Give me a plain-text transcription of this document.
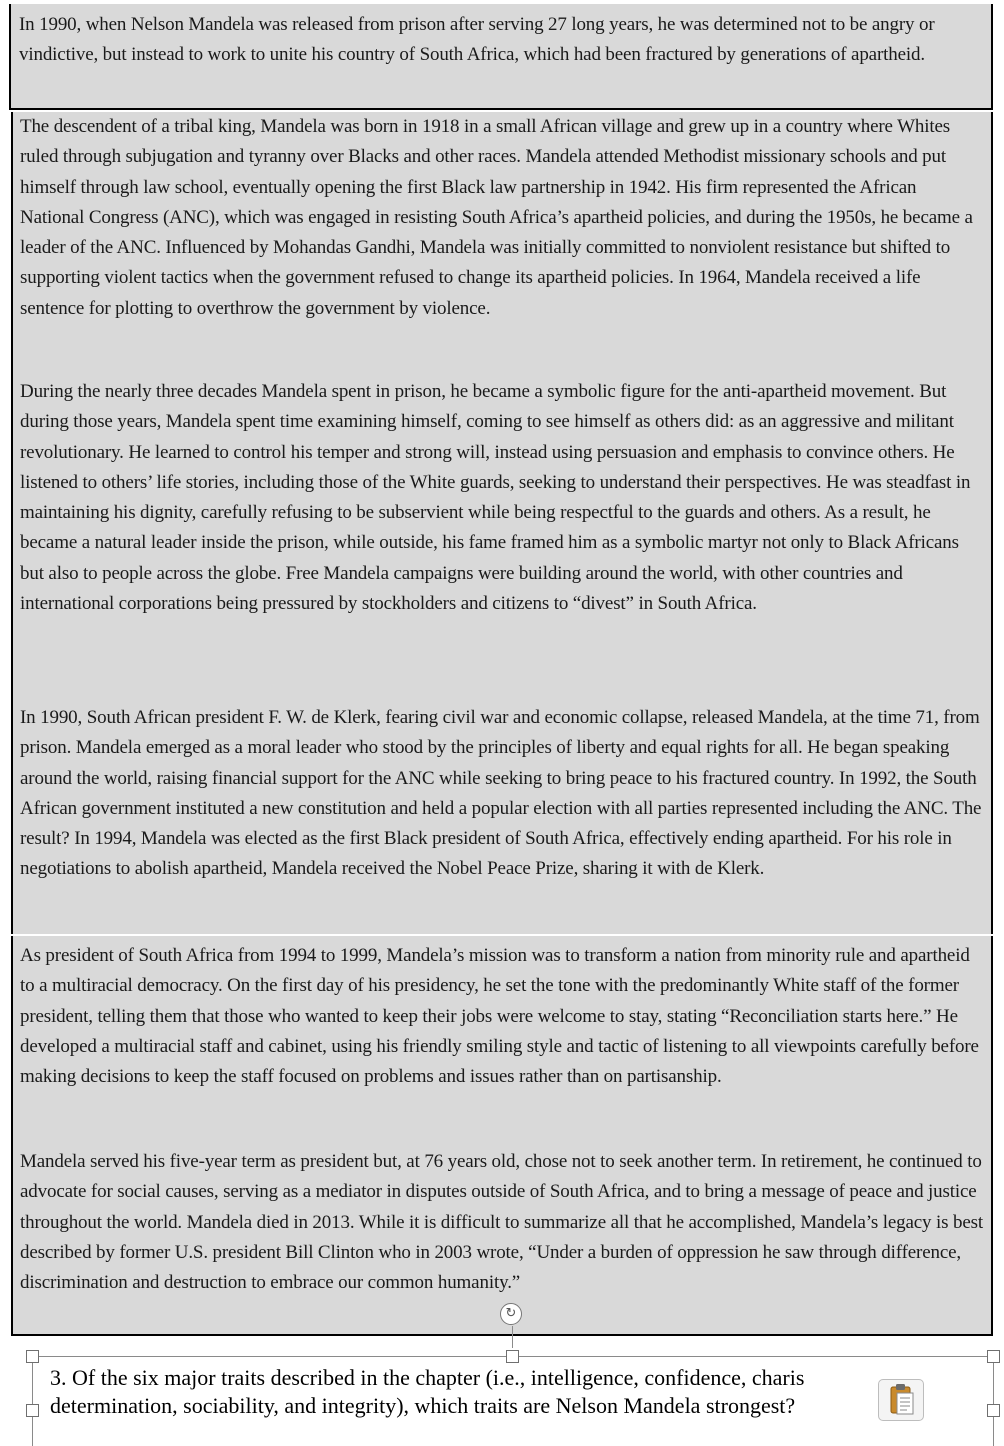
In 1990, when Nelson Mandela was released from prison after serving 27 long years, he was determined not to be angry or vindictive, but instead to work to unite his country of South Africa, which had been fractured by generations of apartheid.

The descendent of a tribal king, Mandela was born in 1918 in a small African village and grew up in a country where Whites ruled through subjugation and tyranny over Blacks and other races. Mandela attended Methodist missionary schools and put himself through law school, eventually opening the first Black law partnership in 1942. His firm represented the African National Congress (ANC), which was engaged in resisting South Africa’s apartheid policies, and during the 1950s, he became a leader of the ANC. Influenced by Mohandas Gandhi, Mandela was initially committed to nonviolent resistance but shifted to supporting violent tactics when the government refused to change its apartheid policies. In 1964, Mandela received a life sentence for plotting to overthrow the government by violence.

During the nearly three decades Mandela spent in prison, he became a symbolic figure for the anti-apartheid movement. But during those years, Mandela spent time examining himself, coming to see himself as others did: as an aggressive and militant revolutionary. He learned to control his temper and strong will, instead using persuasion and emphasis to convince others. He listened to others’ life stories, including those of the White guards, seeking to understand their perspectives. He was steadfast in maintaining his dignity, carefully refusing to be subservient while being respectful to the guards and others. As a result, he became a natural leader inside the prison, while outside, his fame framed him as a symbolic martyr not only to Black Africans but also to people across the globe. Free Mandela campaigns were building around the world, with other countries and international corporations being pressured by stockholders and citizens to “divest” in South Africa.

In 1990, South African president F. W. de Klerk, fearing civil war and economic collapse, released Mandela, at the time 71, from prison. Mandela emerged as a moral leader who stood by the principles of liberty and equal rights for all. He began speaking around the world, raising financial support for the ANC while seeking to bring peace to his fractured country. In 1992, the South African government instituted a new constitution and held a popular election with all parties represented including the ANC. The result? In 1994, Mandela was elected as the first Black president of South Africa, effectively ending apartheid. For his role in negotiations to abolish apartheid, Mandela received the Nobel Peace Prize, sharing it with de Klerk.

As president of South Africa from 1994 to 1999, Mandela’s mission was to transform a nation from minority rule and apartheid to a multiracial democracy. On the first day of his presidency, he set the tone with the predominantly White staff of the former president, telling them that those who wanted to keep their jobs were welcome to stay, stating “Reconciliation starts here.” He developed a multiracial staff and cabinet, using his friendly smiling style and tactic of listening to all viewpoints carefully before making decisions to keep the staff focused on problems and issues rather than on partisanship.

Mandela served his five-year term as president but, at 76 years old, chose not to seek another term. In retirement, he continued to advocate for social causes, serving as a mediator in disputes outside of South Africa, and to bring a message of peace and justice throughout the world. Mandela died in 2013. While it is difficult to summarize all that he accomplished, Mandela’s legacy is best described by former U.S. president Bill Clinton who in 2003 wrote, “Under a burden of oppression he saw through difference, discrimination and destruction to embrace our common humanity.”

↻
3. Of the six major traits described in the chapter (i.e., intelligence, confidence, charis
determination, sociability, and integrity), which traits are Nelson Mandela strongest?
